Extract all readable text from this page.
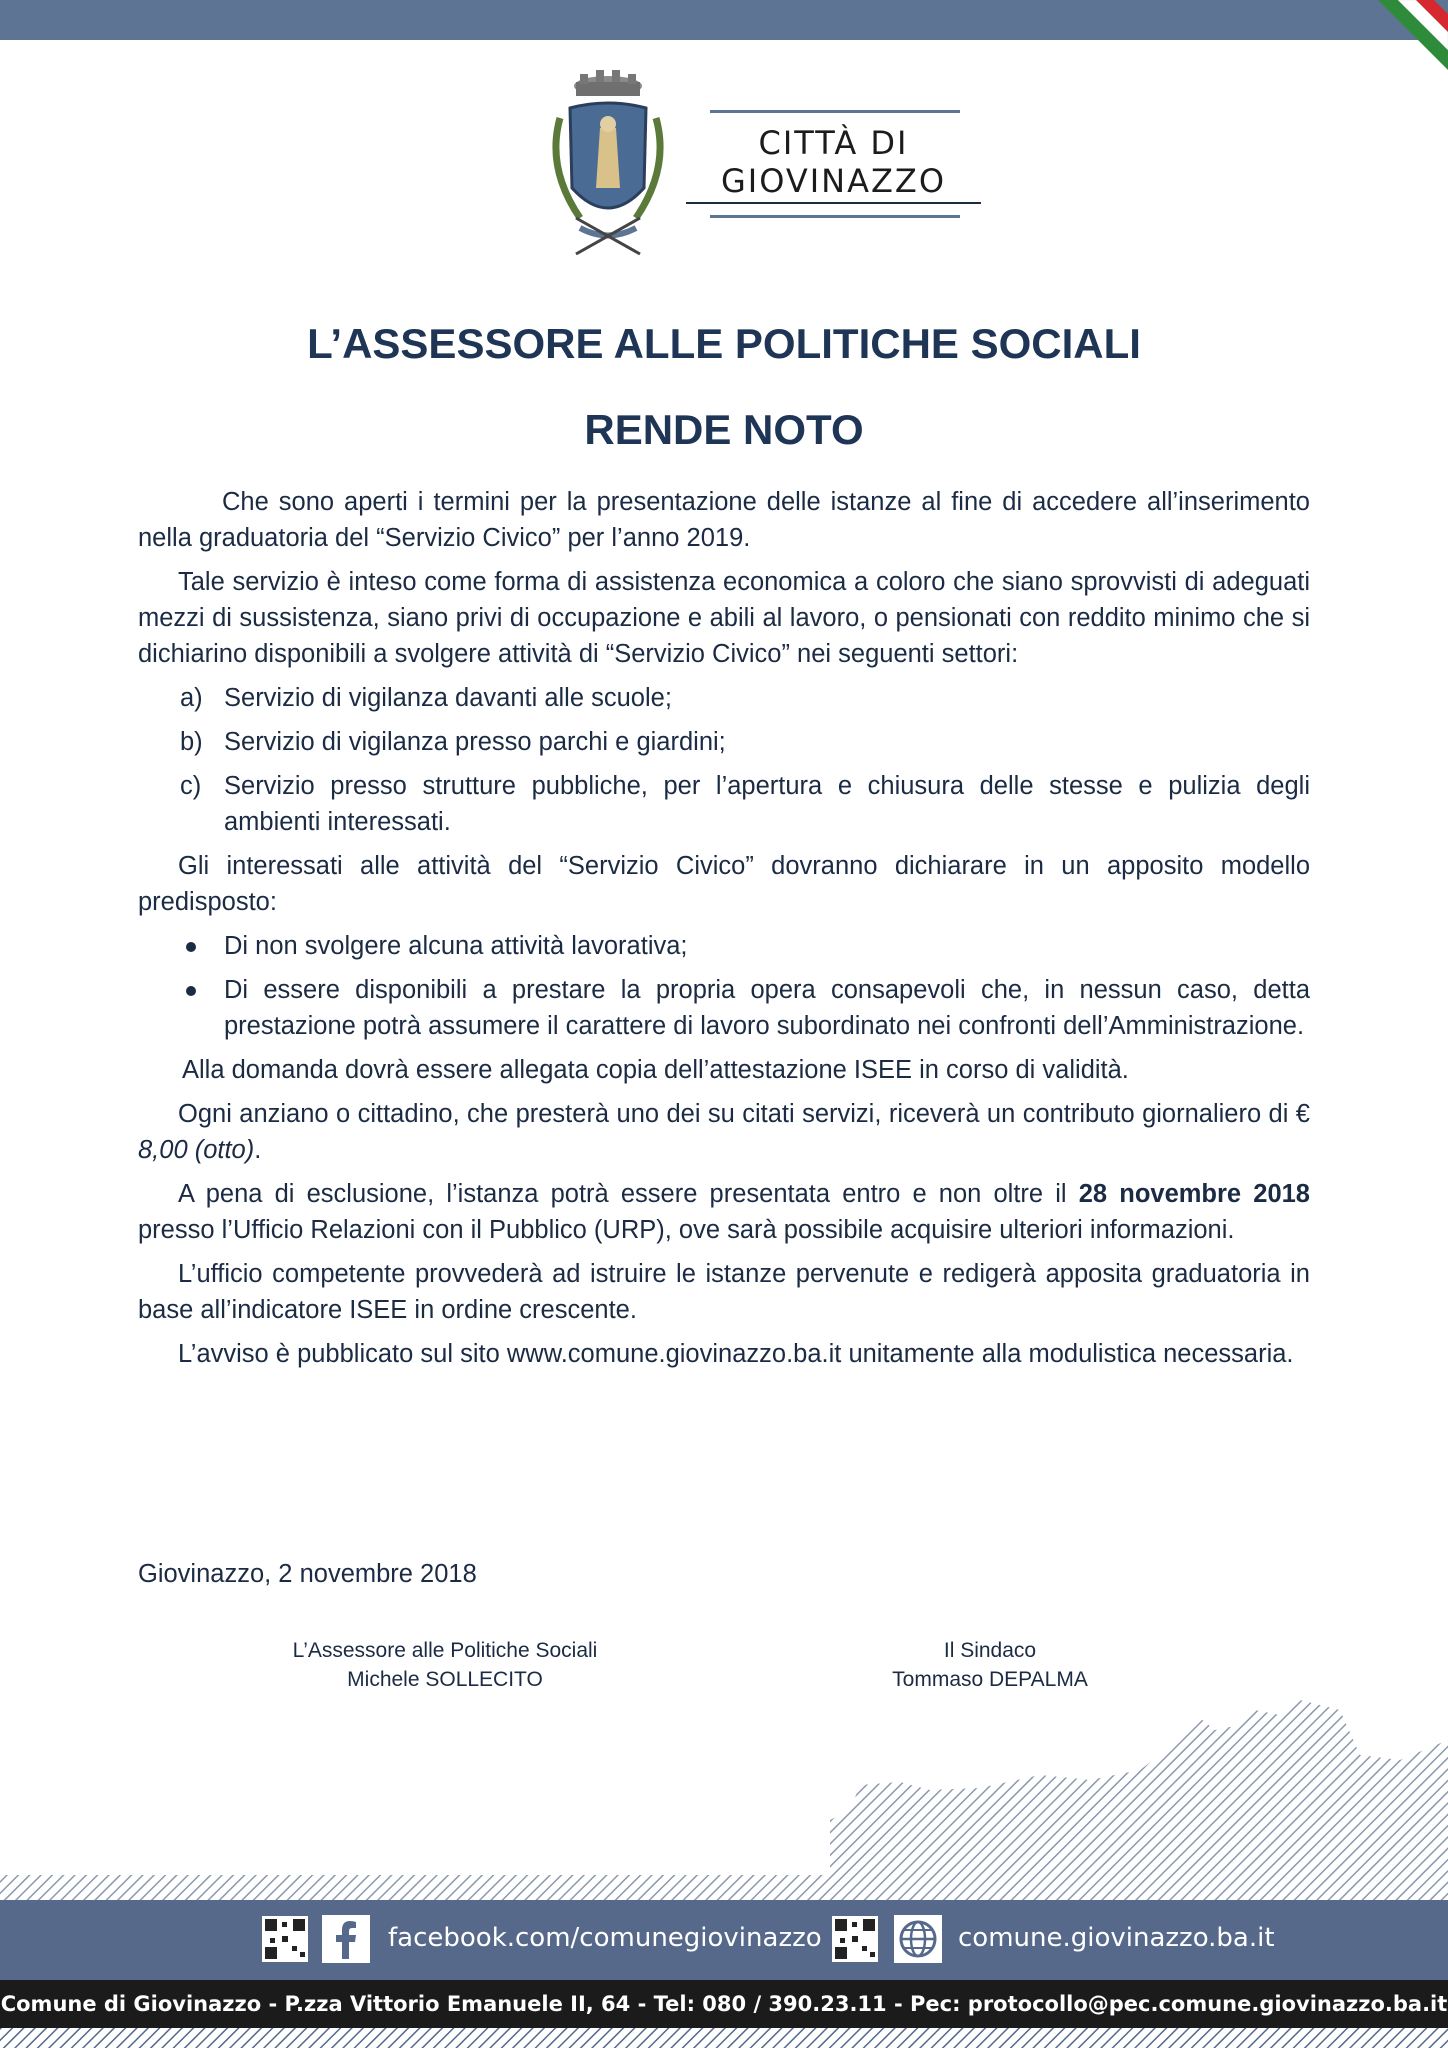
CITTÀ DI
GIOVINAZZO
L’ASSESSORE ALLE POLITICHE SOCIALI
RENDE NOTO

Che sono aperti i termini per la presentazione delle istanze al fine di accedere all’inserimento nella graduatoria del “Servizio Civico” per l’anno 2019.

Tale servizio è inteso come forma di assistenza economica a coloro che siano sprovvisti di adeguati mezzi di sussistenza, siano privi di occupazione e abili al lavoro, o pensionati con reddito minimo che si dichiarino disponibili a svolgere attività di “Servizio Civico” nei seguenti settori:

a) Servizio di vigilanza davanti alle scuole;
b) Servizio di vigilanza presso parchi e giardini;
c) Servizio presso strutture pubbliche, per l’apertura e chiusura delle stesse e pulizia degli ambienti interessati.

Gli interessati alle attività del “Servizio Civico” dovranno dichiarare in un apposito modello predisposto:

Di non svolgere alcuna attività lavorativa;
Di essere disponibili a prestare la propria opera consapevoli che, in nessun caso, detta prestazione potrà assumere il carattere di lavoro subordinato nei confronti dell’Amministrazione.

Alla domanda dovrà essere allegata copia dell’attestazione ISEE in corso di validità.

Ogni anziano o cittadino, che presterà uno dei su citati servizi, riceverà un contributo giornaliero di € 8,00 (otto).

A pena di esclusione, l’istanza potrà essere presentata entro e non oltre il 28 novembre 2018 presso l’Ufficio Relazioni con il Pubblico (URP), ove sarà possibile acquisire ulteriori informazioni.

L’ufficio competente provvederà ad istruire le istanze pervenute e redigerà apposita graduatoria in base all’indicatore ISEE in ordine crescente.

L’avviso è pubblicato sul sito www.comune.giovinazzo.ba.it unitamente alla modulistica necessaria.

Giovinazzo, 2 novembre 2018
L’Assessore alle Politiche Sociali
Michele SOLLECITO
Il Sindaco
Tommaso DEPALMA
facebook.com/comunegiovinazzo	comune.giovinazzo.ba.it
Comune di Giovinazzo - P.zza Vittorio Emanuele II, 64 - Tel: 080 / 390.23.11 - Pec: protocollo@pec.comune.giovinazzo.ba.it
